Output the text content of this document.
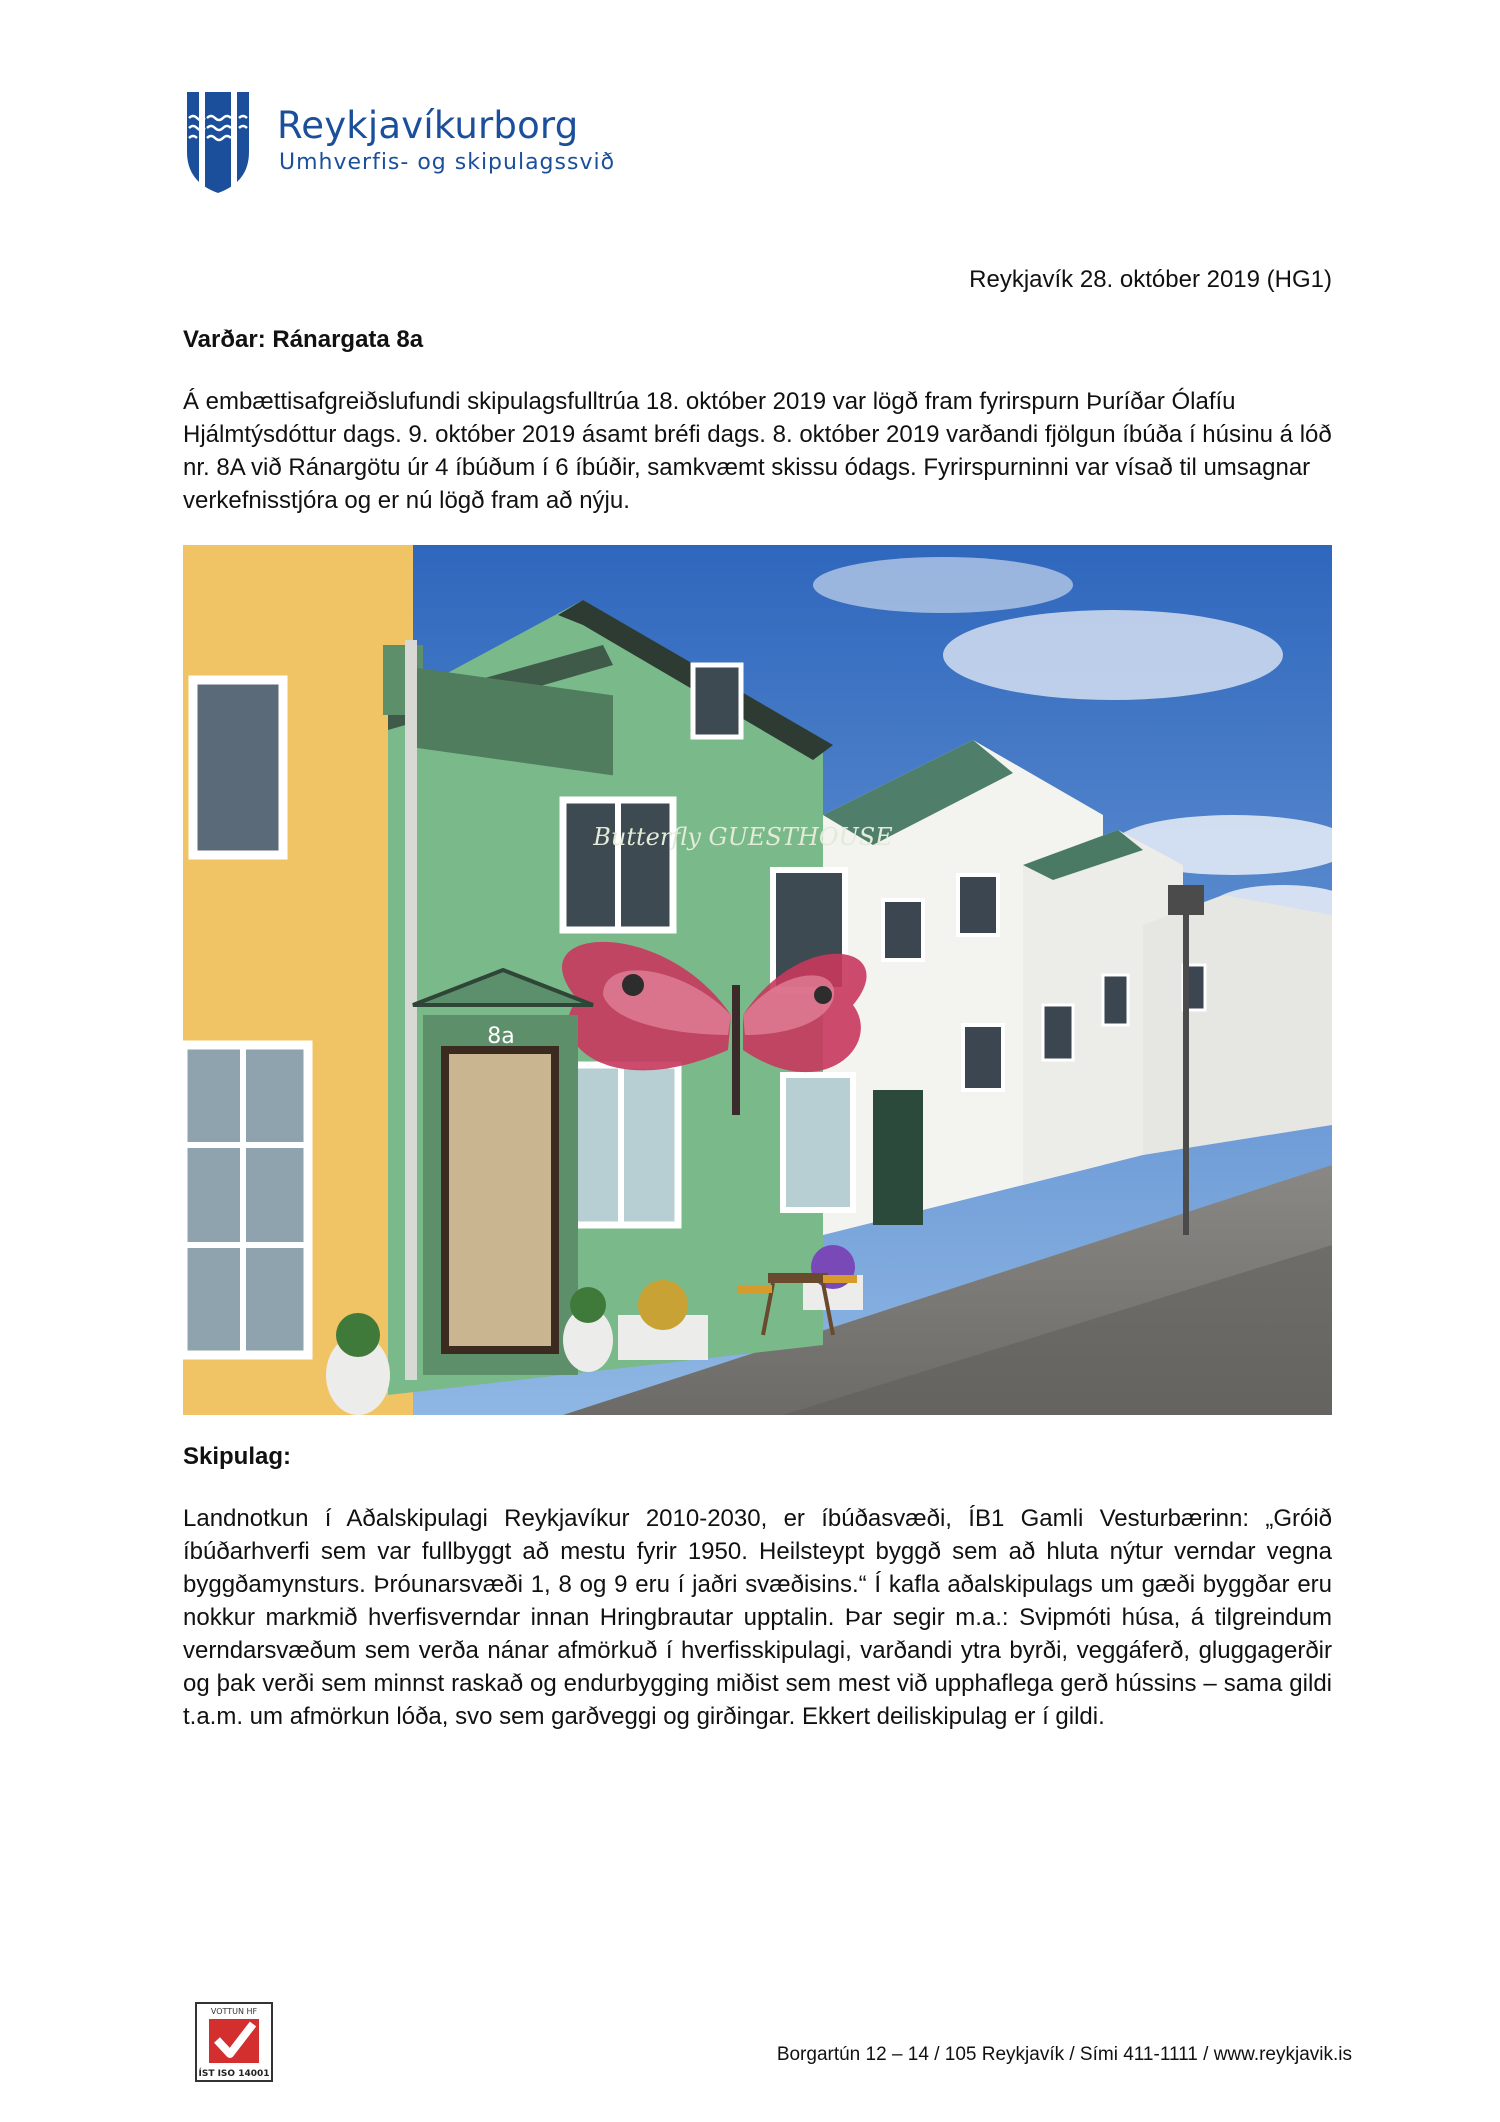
Reykjavíkurborg
Umhverfis- og skipulagssvið
Reykjavík 28. október 2019 (HG1)
Varðar: Ránargata 8a
Á embættisafgreiðslufundi skipulagsfulltrúa 18. október 2019 var lögð fram fyrirspurn Þuríðar Ólafíu Hjálmtýsdóttur dags. 9. október 2019 ásamt bréfi dags. 8. október 2019 varðandi fjölgun íbúða í húsinu á lóð nr. 8A við Ránargötu úr 4 íbúðum í 6 íbúðir, samkvæmt skissu ódags. Fyrirspurninni var vísað til umsagnar verkefnisstjóra og er nú lögð fram að nýju.
Butterfly GUESTHOUSE
8a
Skipulag:
Landnotkun í Aðalskipulagi Reykjavíkur 2010-2030, er íbúðasvæði, ÍB1 Gamli Vesturbærinn: „Gróið íbúðarhverfi sem var fullbyggt að mestu fyrir 1950. Heilsteypt byggð sem að hluta nýtur verndar vegna byggðamynsturs. Þróunarsvæði 1, 8 og 9 eru í jaðri svæðisins.“ Í kafla aðalskipulags um gæði byggðar eru nokkur markmið hverfisverndar innan Hringbrautar upptalin. Þar segir m.a.: Svipmóti húsa, á tilgreindum verndarsvæðum sem verða nánar afmörkuð í hverfisskipulagi, varðandi ytra byrði, veggáferð, gluggagerðir og þak verði sem minnst raskað og endurbygging miðist sem mest við upphaflega gerð hússins – sama gildi t.a.m. um afmörkun lóða, svo sem garðveggi og girðingar. Ekkert deiliskipulag er í gildi.
VOTTUN HF
ÍST ISO 14001
Borgartún 12 – 14 / 105 Reykjavík / Sími 411-1111 / www.reykjavik.is
